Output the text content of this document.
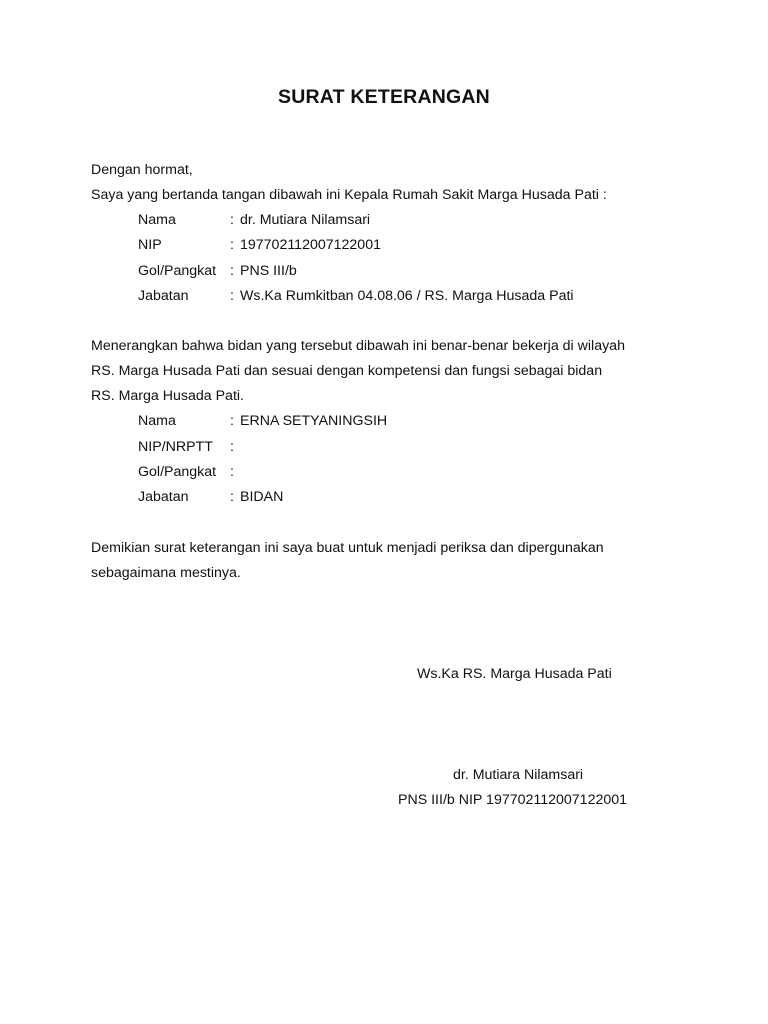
SURAT KETERANGAN
Dengan hormat,
Saya yang bertanda tangan dibawah ini Kepala Rumah Sakit Marga Husada Pati :
Nama	: dr. Mutiara Nilamsari
NIP	: 197702112007122001
Gol/Pangkat : PNS III/b
Jabatan	: Ws.Ka Rumkitban 04.08.06 / RS. Marga Husada Pati
Menerangkan bahwa bidan yang tersebut dibawah ini benar-benar bekerja di wilayah
RS. Marga Husada Pati dan sesuai dengan kompetensi dan fungsi sebagai bidan
RS. Marga Husada Pati.
Nama	: ERNA SETYANINGSIH
NIP/NRPTT :
Gol/Pangkat :
Jabatan	: BIDAN
Demikian surat keterangan ini saya buat untuk menjadi periksa dan dipergunakan
sebagaimana mestinya.
Ws.Ka RS. Marga Husada Pati
dr. Mutiara Nilamsari
PNS III/b NIP 197702112007122001
